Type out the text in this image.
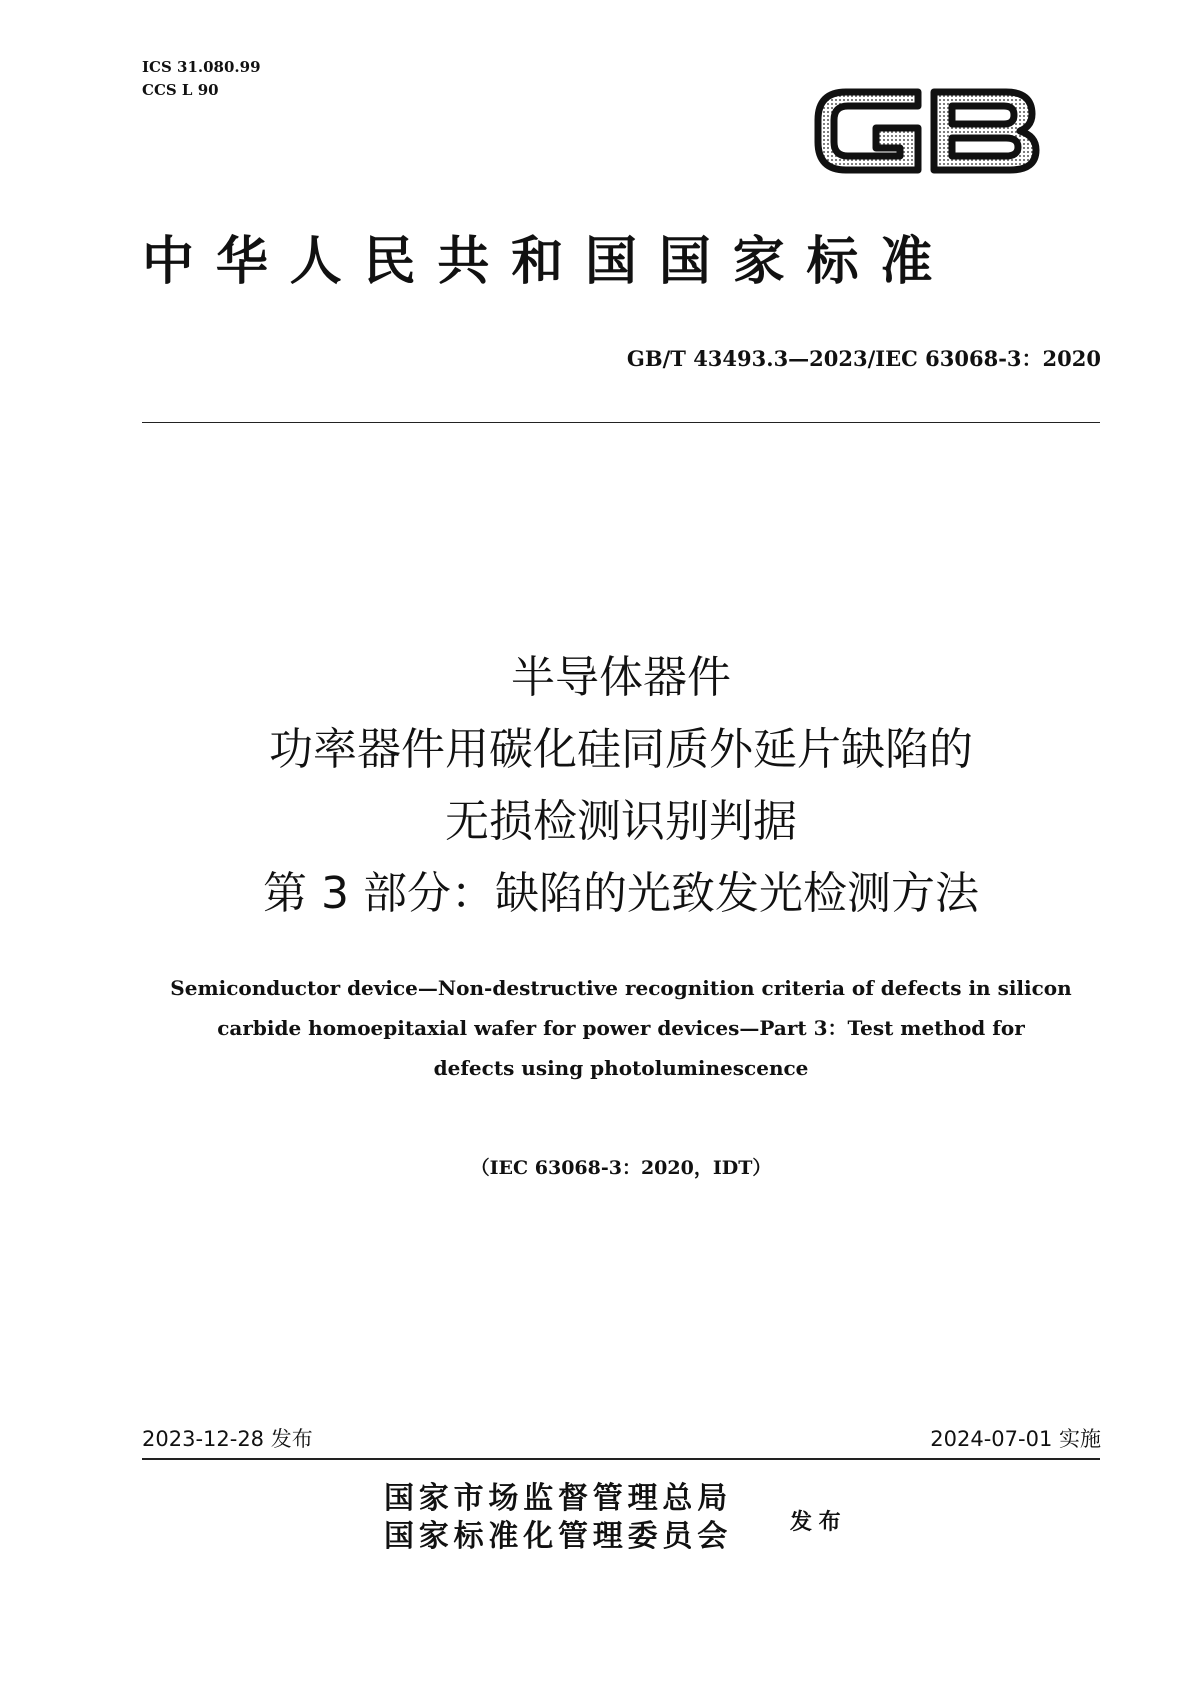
ICS 31.080.99
CCS L 90
中华人民共和国国家标准
GB/T 43493.3—2023/IEC 63068-3：2020
半导体器件
功率器件用碳化硅同质外延片缺陷的
无损检测识别判据
第 3 部分：缺陷的光致发光检测方法
Semiconductor device—Non-destructive recognition criteria of defects in silicon
carbide homoepitaxial wafer for power devices—Part 3：Test method for
defects using photoluminescence
（IEC 63068-3：2020，IDT）
2023-12-28 发布	2024-07-01 实施
国家市场监督管理总局
国家标准化管理委员会	发布
